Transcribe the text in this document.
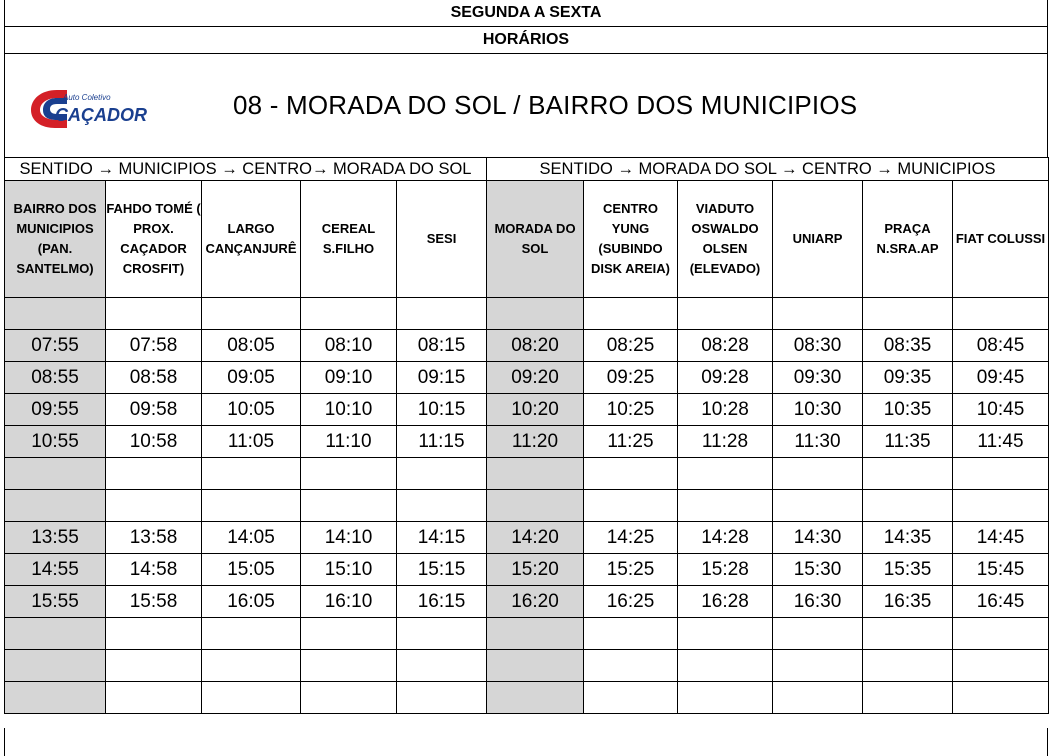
SEGUNDA A SEXTA
HORÁRIOS
Auto Coletivo
CAÇADOR	08 - MORADA DO SOL / BAIRRO DOS MUNICIPIOS
SENTIDO → MUNICIPIOS → CENTRO→ MORADA DO SOL					SENTIDO → MORADA DO SOL → CENTRO → MUNICIPIOS					
BAIRRO DOS MUNICIPIOS (PAN. SANTELMO)	FAHDO TOMÉ ( PROX. CAÇADOR CROSFIT)	LARGO CANÇANJURÊ	CEREAL S.FILHO	SESI	MORADA DO SOL	CENTRO YUNG (SUBINDO DISK AREIA)	VIADUTO OSWALDO OLSEN (ELEVADO)	UNIARP	PRAÇA N.SRA.AP	FIAT COLUSSI

07:55	07:58	08:05	08:10	08:15	08:20	08:25	08:28	08:30	08:35	08:45
08:55	08:58	09:05	09:10	09:15	09:20	09:25	09:28	09:30	09:35	09:45
09:55	09:58	10:05	10:10	10:15	10:20	10:25	10:28	10:30	10:35	10:45
10:55	10:58	11:05	11:10	11:15	11:20	11:25	11:28	11:30	11:35	11:45

13:55	13:58	14:05	14:10	14:15	14:20	14:25	14:28	14:30	14:35	14:45
14:55	14:58	15:05	15:10	15:15	15:20	15:25	15:28	15:30	15:35	15:45
15:55	15:58	16:05	16:10	16:15	16:20	16:25	16:28	16:30	16:35	16:45
